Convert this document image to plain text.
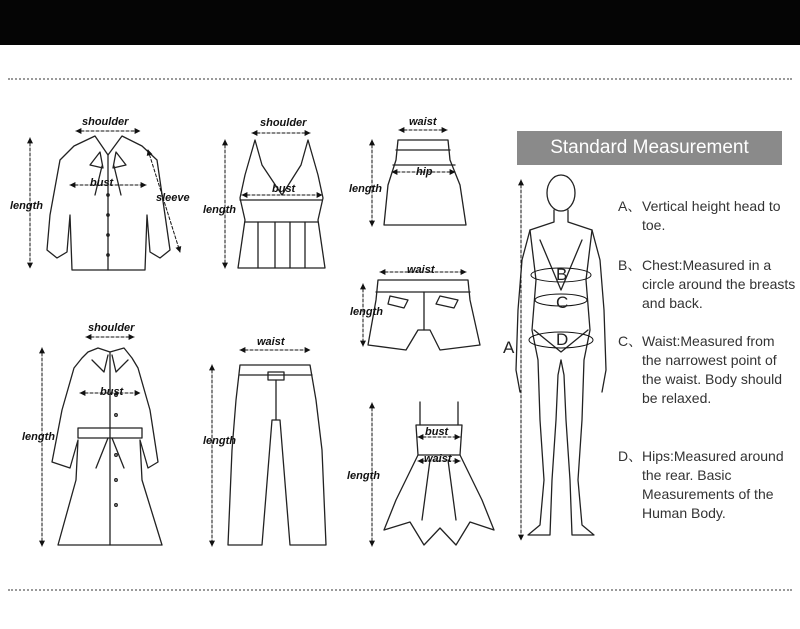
shoulder
bust
length
sleeve
shoulder
bust
length
waist
hip
length
waist
length
shoulder
bust
length
waist
length
bust
waist
length
Standard Measurement
A
B
C
D
A、 Vertical height head to toe.
B、 Chest:Measured in a circle around the breasts and back.
C、 Waist:Measured from the narrowest point of the waist. Body should be relaxed.
D、 Hips:Measured around the rear. Basic Measurements of the Human Body.
